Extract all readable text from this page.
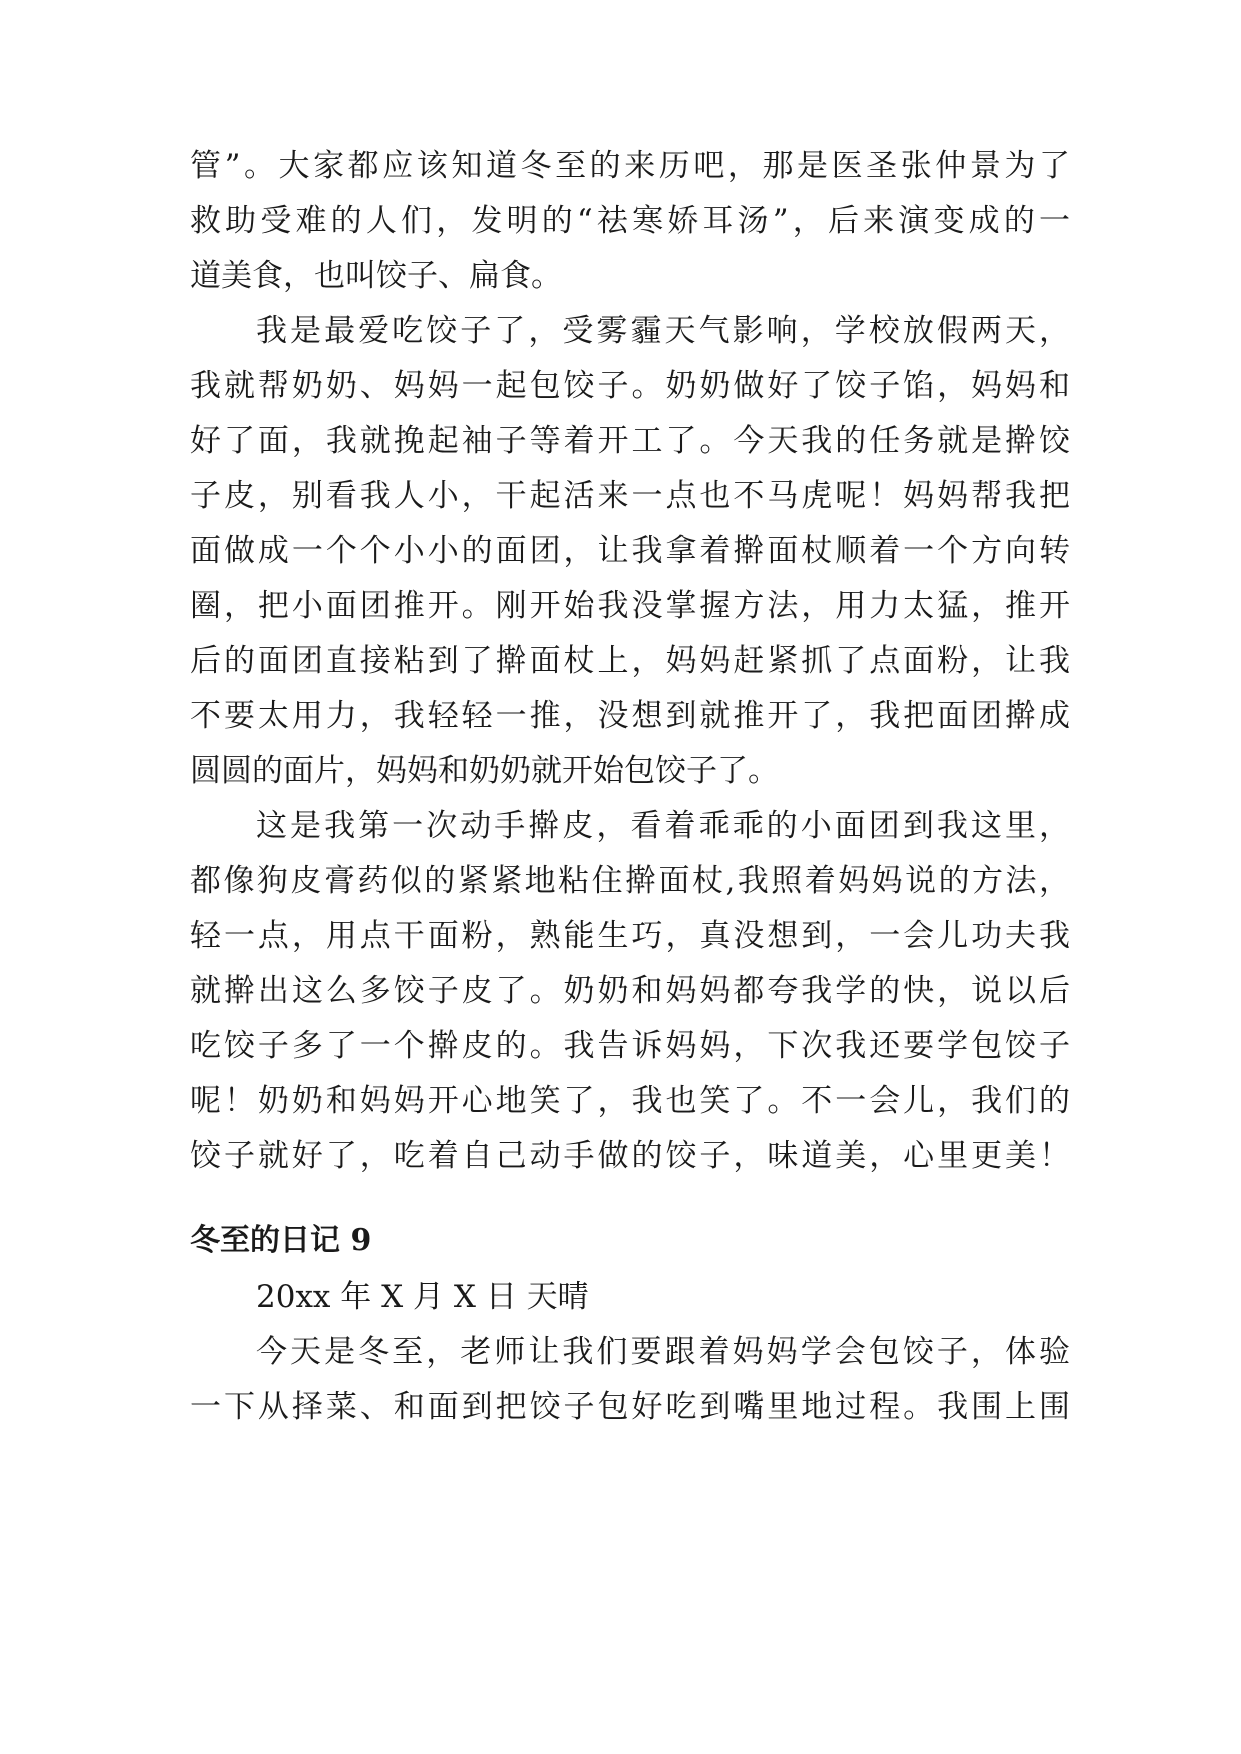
管”。大家都应该知道冬至的来历吧，那是医圣张仲景为了

救助受难的人们，发明的“祛寒娇耳汤”，后来演变成的一

道美食，也叫饺子、扁食。

我是最爱吃饺子了，受雾霾天气影响，学校放假两天，

我就帮奶奶、妈妈一起包饺子。奶奶做好了饺子馅，妈妈和

好了面，我就挽起袖子等着开工了。今天我的任务就是擀饺

子皮，别看我人小，干起活来一点也不马虎呢！妈妈帮我把

面做成一个个小小的面团，让我拿着擀面杖顺着一个方向转

圈，把小面团推开。刚开始我没掌握方法，用力太猛，推开

后的面团直接粘到了擀面杖上，妈妈赶紧抓了点面粉，让我

不要太用力，我轻轻一推，没想到就推开了，我把面团擀成

圆圆的面片，妈妈和奶奶就开始包饺子了。

这是我第一次动手擀皮，看着乖乖的小面团到我这里，

都像狗皮膏药似的紧紧地粘住擀面杖,我照着妈妈说的方法，

轻一点，用点干面粉，熟能生巧，真没想到，一会儿功夫我

就擀出这么多饺子皮了。奶奶和妈妈都夸我学的快，说以后

吃饺子多了一个擀皮的。我告诉妈妈，下次我还要学包饺子

呢！奶奶和妈妈开心地笑了，我也笑了。不一会儿，我们的

饺子就好了，吃着自己动手做的饺子，味道美，心里更美！

冬至的日记 9

20xx 年 X 月 X 日 天晴

今天是冬至，老师让我们要跟着妈妈学会包饺子，体验

一下从择菜、和面到把饺子包好吃到嘴里地过程。我围上围
